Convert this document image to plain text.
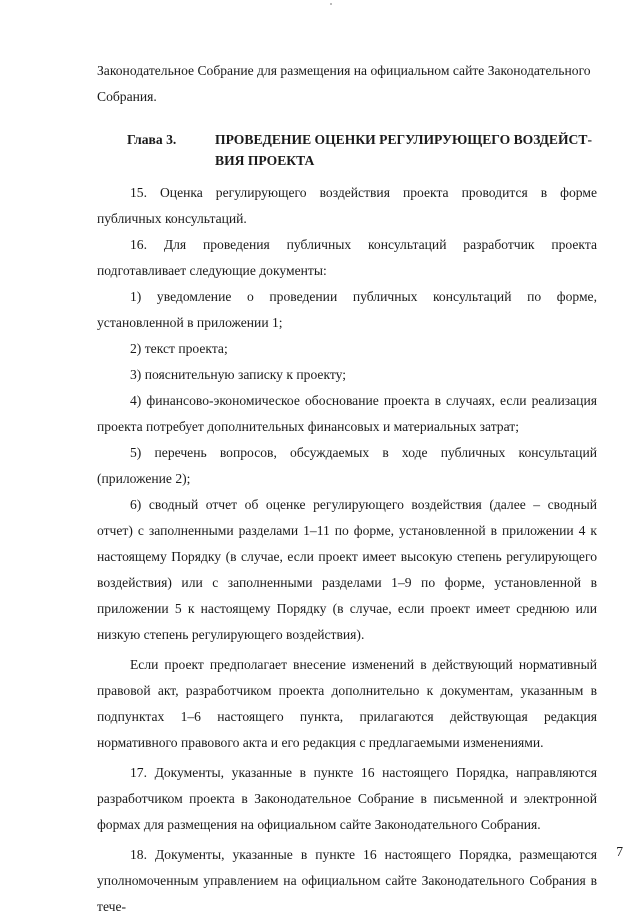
Законодательное Собрание для размещения на официальном сайте Законодательного

Собрания.

Глава 3.	ПРОВЕДЕНИЕ ОЦЕНКИ РЕГУЛИРУЮЩЕГО ВОЗДЕЙСТ-
ВИЯ ПРОЕКТА

15. Оценка регулирующего воздействия проекта проводится в форме публичных консультаций.

16. Для проведения публичных консультаций разработчик проекта подготавливает следующие документы:

1) уведомление о проведении публичных консультаций по форме, установленной в приложении 1;

2) текст проекта;

3) пояснительную записку к проекту;

4) финансово-экономическое обоснование проекта в случаях, если реализация проекта потребует дополнительных финансовых и материальных затрат;

5) перечень вопросов, обсуждаемых в ходе публичных консультаций (приложение 2);

6) сводный отчет об оценке регулирующего воздействия (далее – сводный отчет) с заполненными разделами 1–11 по форме, установленной в приложении 4 к настоящему Порядку (в случае, если проект имеет высокую степень регулирующего воздействия) или с заполненными разделами 1–9 по форме, установленной в приложении 5 к настоящему Порядку (в случае, если проект имеет среднюю или низкую степень регулирующего воздействия).

Если проект предполагает внесение изменений в действующий нормативный правовой акт, разработчиком проекта дополнительно к документам, указанным в подпунктах 1–6 настоящего пункта, прилагаются действующая редакция нормативного правового акта и его редакция с предлагаемыми изменениями.

17. Документы, указанные в пункте 16 настоящего Порядка, направляются разработчиком проекта в Законодательное Собрание в письменной и электронной формах для размещения на официальном сайте Законодательного Собрания.

18. Документы, указанные в пункте 16 настоящего Порядка, размещаются уполномоченным управлением на официальном сайте Законодательного Собрания в тече-

7
